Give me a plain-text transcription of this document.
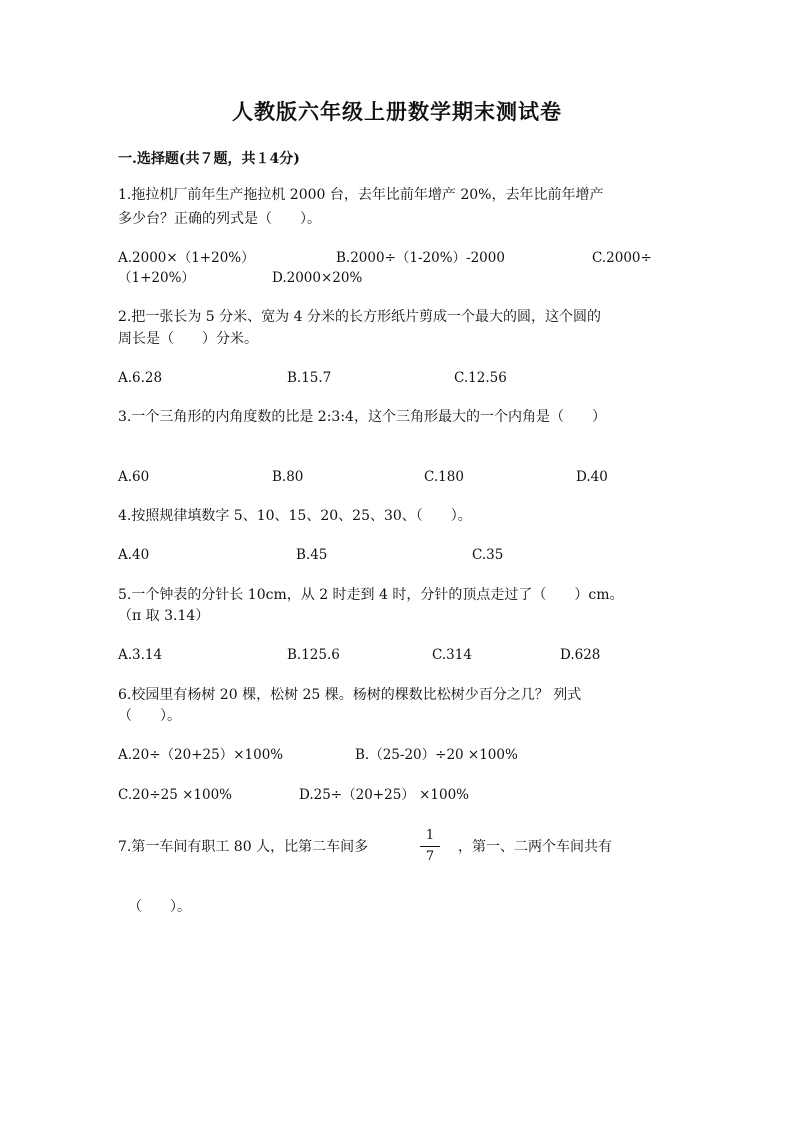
人教版六年级上册数学期末测试卷
一.选择题(共７题，共１4分)
1.拖拉机厂前年生产拖拉机 2000 台，去年比前年增产 20%，去年比前年增产
多少台？正确的列式是（　　）。
A.2000×（1+20%）	B.2000÷（1-20%）-2000	C.2000÷
（1+20%）	D.2000×20%
2.把一张长为 5 分米、宽为 4 分米的长方形纸片剪成一个最大的圆，这个圆的
周长是（　　）分米。
A.6.28	B.15.7	C.12.56
3.一个三角形的内角度数的比是 2:3:4，这个三角形最大的一个内角是（　　）
A.60	B.80	C.180	D.40
4.按照规律填数字 5、10、15、20、25、30、（　　）。
A.40	B.45	C.35
5.一个钟表的分针长 10cm，从 2 时走到 4 时，分针的顶点走过了（　　）cm。
（π 取 3.14）
A.3.14	B.125.6	C.314	D.628
6.校园里有杨树 20 棵，松树 25 棵。杨树的棵数比松树少百分之几？ 列式
（　　）。
A.20÷（20+25）×100%	B.（25-20）÷20 ×100%
C.20÷25 ×100%	D.25÷（20+25） ×100%
7.第一车间有职工 80 人，比第二车间多
1
7
，第一、二两个车间共有
（　　）。
